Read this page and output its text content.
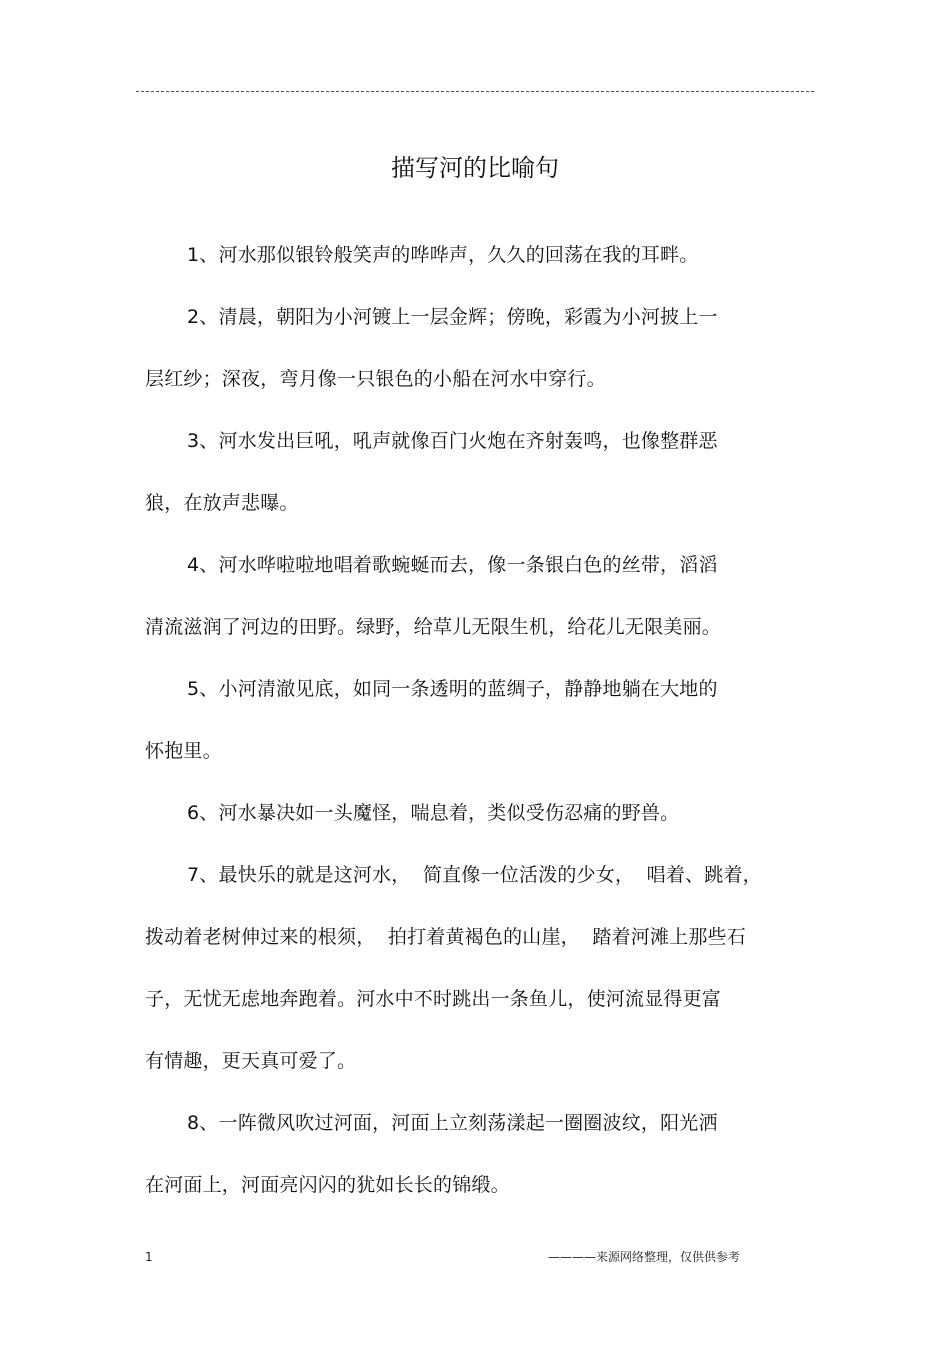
描写河的比喻句

1、河水那似银铃般笑声的哗哗声，久久的回荡在我的耳畔。

2、清晨，朝阳为小河镀上一层金辉；傍晚，彩霞为小河披上一
层红纱；深夜，弯月像一只银色的小船在河水中穿行。

3、河水发出巨吼，吼声就像百门火炮在齐射轰鸣，也像整群恶
狼，在放声悲曝。

4、河水哗啦啦地唱着歌蜿蜒而去，像一条银白色的丝带，滔滔
清流滋润了河边的田野。绿野，给草儿无限生机，给花儿无限美丽。

5、小河清澈见底，如同一条透明的蓝绸子，静静地躺在大地的
怀抱里。

6、河水暴决如一头魔怪，喘息着，类似受伤忍痛的野兽。

7、最快乐的就是这河水，  简直像一位活泼的少女，  唱着、跳着，
拨动着老树伸过来的根须，  拍打着黄褐色的山崖，  踏着河滩上那些石
子，无忧无虑地奔跑着。河水中不时跳出一条鱼儿，使河流显得更富
有情趣，更天真可爱了。

8、一阵微风吹过河面，河面上立刻荡漾起一圈圈波纹，阳光洒
在河面上，河面亮闪闪的犹如长长的锦缎。

1	————来源网络整理，仅供供参考
